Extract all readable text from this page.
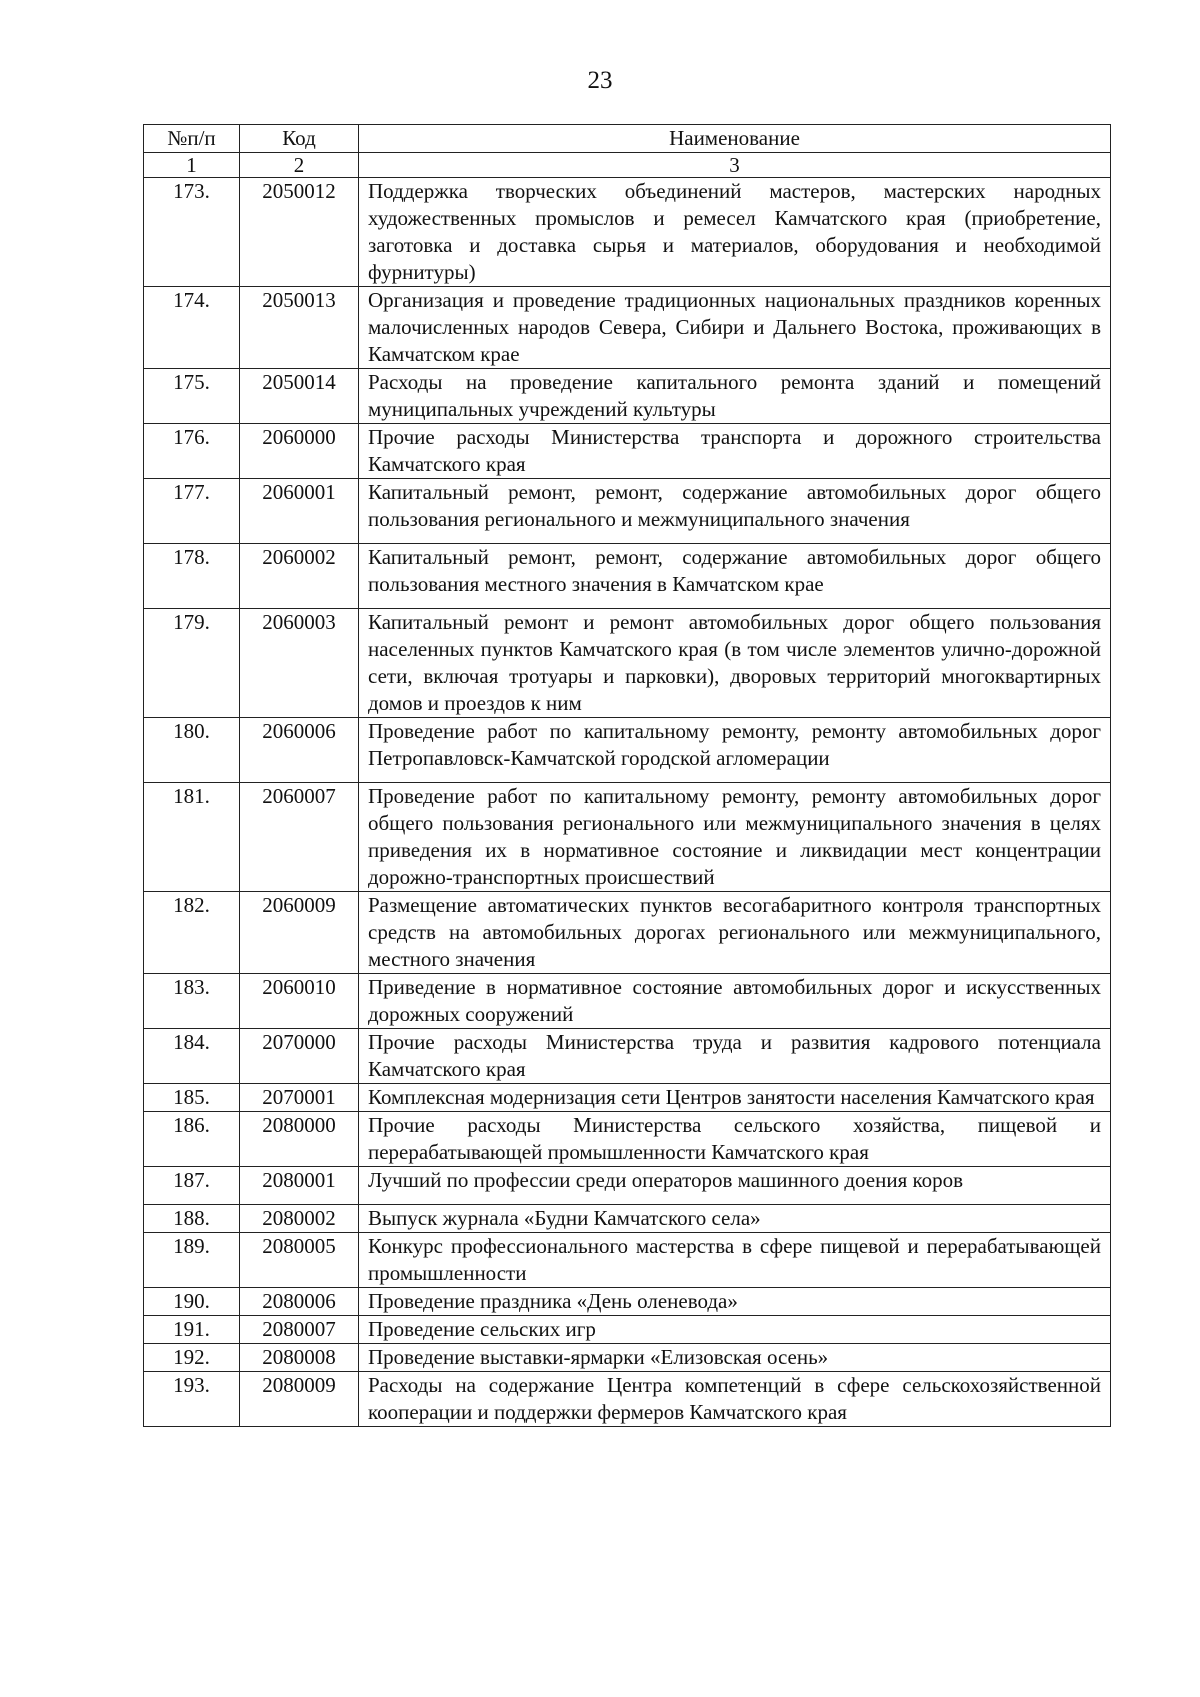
23
№п/п	Код	Наименование
1	2	3
173.	2050012	Поддержка творческих объединений мастеров, мастерских народных художественных промыслов и ремесел Камчатского края (приобретение, заготовка и доставка сырья и материалов, оборудования и необходимой фурнитуры)
174.	2050013	Организация и проведение традиционных национальных праздников коренных малочисленных народов Севера, Сибири и Дальнего Востока, проживающих в Камчатском крае
175.	2050014	Расходы на проведение капитального ремонта зданий и помещений муниципальных учреждений культуры
176.	2060000	Прочие расходы Министерства транспорта и дорожного строительства Камчатского края
177.	2060001	Капитальный ремонт, ремонт, содержание автомобильных дорог общего пользования регионального и межмуниципального значения
178.	2060002	Капитальный ремонт, ремонт, содержание автомобильных дорог общего пользования местного значения в Камчатском крае
179.	2060003	Капитальный ремонт и ремонт автомобильных дорог общего пользования населенных пунктов Камчатского края (в том числе элементов улично-дорожной сети, включая тротуары и парковки), дворовых территорий многоквартирных домов и проездов к ним
180.	2060006	Проведение работ по капитальному ремонту, ремонту автомобильных дорог Петропавловск-Камчатской городской агломерации
181.	2060007	Проведение работ по капитальному ремонту, ремонту автомобильных дорог общего пользования регионального или межмуниципального значения в целях приведения их в нормативное состояние и ликвидации мест концентрации дорожно-транспортных происшествий
182.	2060009	Размещение автоматических пунктов весогабаритного контроля транспортных средств на автомобильных дорогах регионального или межмуниципального, местного значения
183.	2060010	Приведение в нормативное состояние автомобильных дорог и искусственных дорожных сооружений
184.	2070000	Прочие расходы Министерства труда и развития кадрового потенциала Камчатского края
185.	2070001	Комплексная модернизация сети Центров занятости населения Камчатского края
186.	2080000	Прочие расходы Министерства сельского хозяйства, пищевой и перерабатывающей промышленности Камчатского края
187.	2080001	Лучший по профессии среди операторов машинного доения коров
188.	2080002	Выпуск журнала «Будни Камчатского села»
189.	2080005	Конкурс профессионального мастерства в сфере пищевой и перерабатывающей промышленности
190.	2080006	Проведение праздника «День оленевода»
191.	2080007	Проведение сельских игр
192.	2080008	Проведение выставки-ярмарки «Елизовская осень»
193.	2080009	Расходы на содержание Центра компетенций в сфере сельскохозяйственной кооперации и поддержки фермеров Камчатского края
